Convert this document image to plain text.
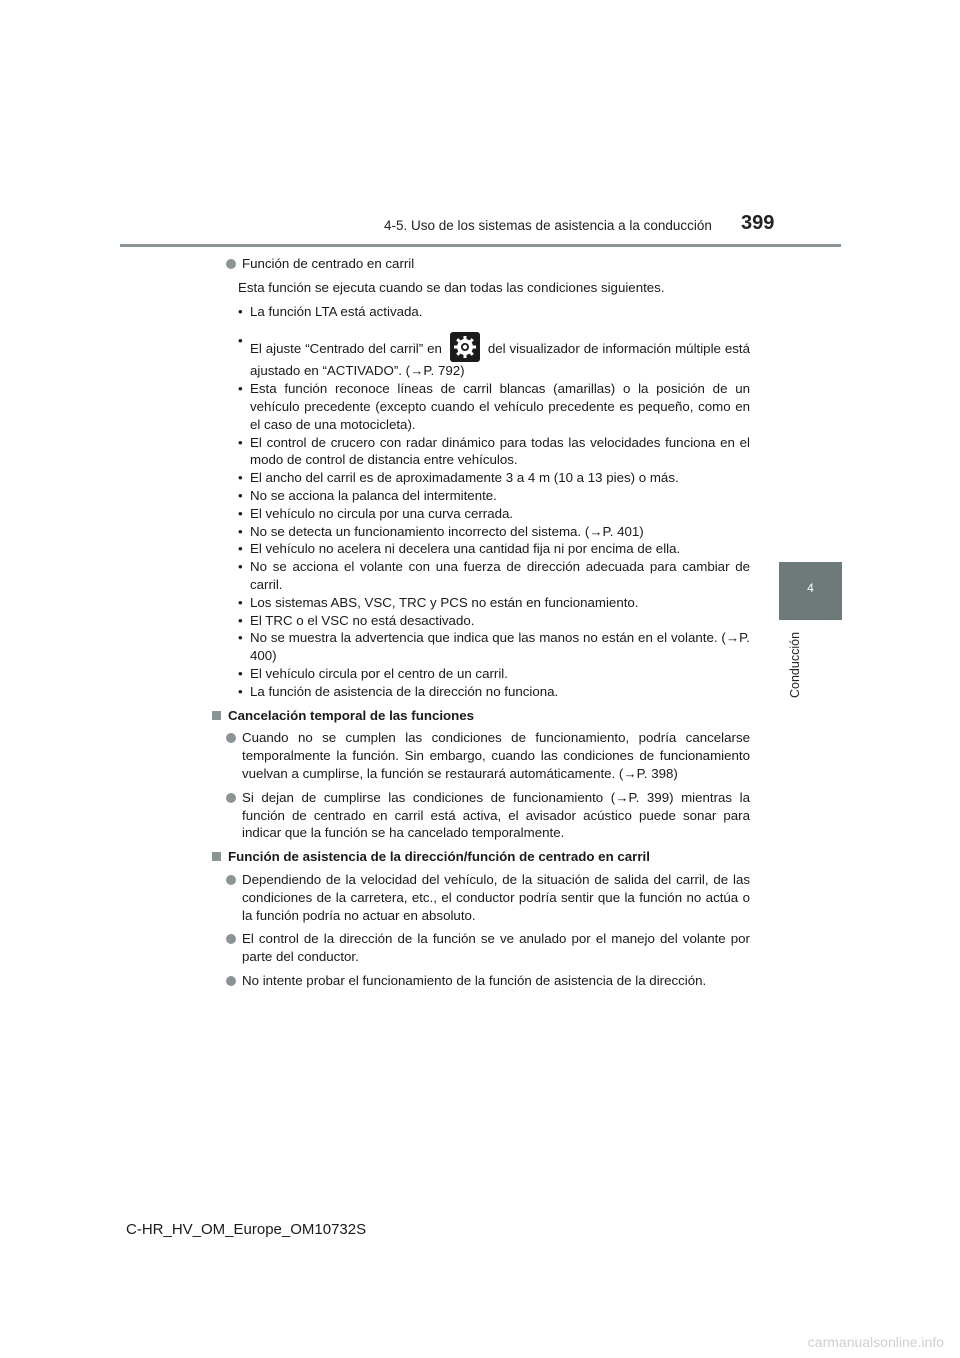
4-5. Uso de los sistemas de asistencia a la conducción 399
4
Conducción

Función de centrado en carril

Esta función se ejecuta cuando se dan todas las condiciones siguientes.

• La función LTA está activada.
• El ajuste “Centrado del carril” en	del visualizador de información múltiple está ajustado en “ACTIVADO”. (→P. 792)
• Esta función reconoce líneas de carril blancas (amarillas) o la posición de un vehículo precedente (excepto cuando el vehículo precedente es pequeño, como en el caso de una motocicleta).
• El control de crucero con radar dinámico para todas las velocidades funciona en el modo de control de distancia entre vehículos.
• El ancho del carril es de aproximadamente 3 a 4 m (10 a 13 pies) o más.
• No se acciona la palanca del intermitente.
• El vehículo no circula por una curva cerrada.
• No se detecta un funcionamiento incorrecto del sistema. (→P. 401)
• El vehículo no acelera ni decelera una cantidad fija ni por encima de ella.
• No se acciona el volante con una fuerza de dirección adecuada para cambiar de carril.
• Los sistemas ABS, VSC, TRC y PCS no están en funcionamiento.
• El TRC o el VSC no está desactivado.
• No se muestra la advertencia que indica que las manos no están en el volante. (→P. 400)
• El vehículo circula por el centro de un carril.
• La función de asistencia de la dirección no funciona.
Cancelación temporal de las funciones

Cuando no se cumplen las condiciones de funcionamiento, podría cancelarse temporalmente la función. Sin embargo, cuando las condiciones de funcionamiento vuelvan a cumplirse, la función se restaurará automáticamente. (→P. 398)

Si dejan de cumplirse las condiciones de funcionamiento (→P. 399) mientras la función de centrado en carril está activa, el avisador acústico puede sonar para indicar que la función se ha cancelado temporalmente.

Función de asistencia de la dirección/función de centrado en carril

Dependiendo de la velocidad del vehículo, de la situación de salida del carril, de las condiciones de la carretera, etc., el conductor podría sentir que la función no actúa o la función podría no actuar en absoluto.

El control de la dirección de la función se ve anulado por el manejo del volante por parte del conductor.

No intente probar el funcionamiento de la función de asistencia de la dirección.

C-HR_HV_OM_Europe_OM10732S
carmanualsonline.info
